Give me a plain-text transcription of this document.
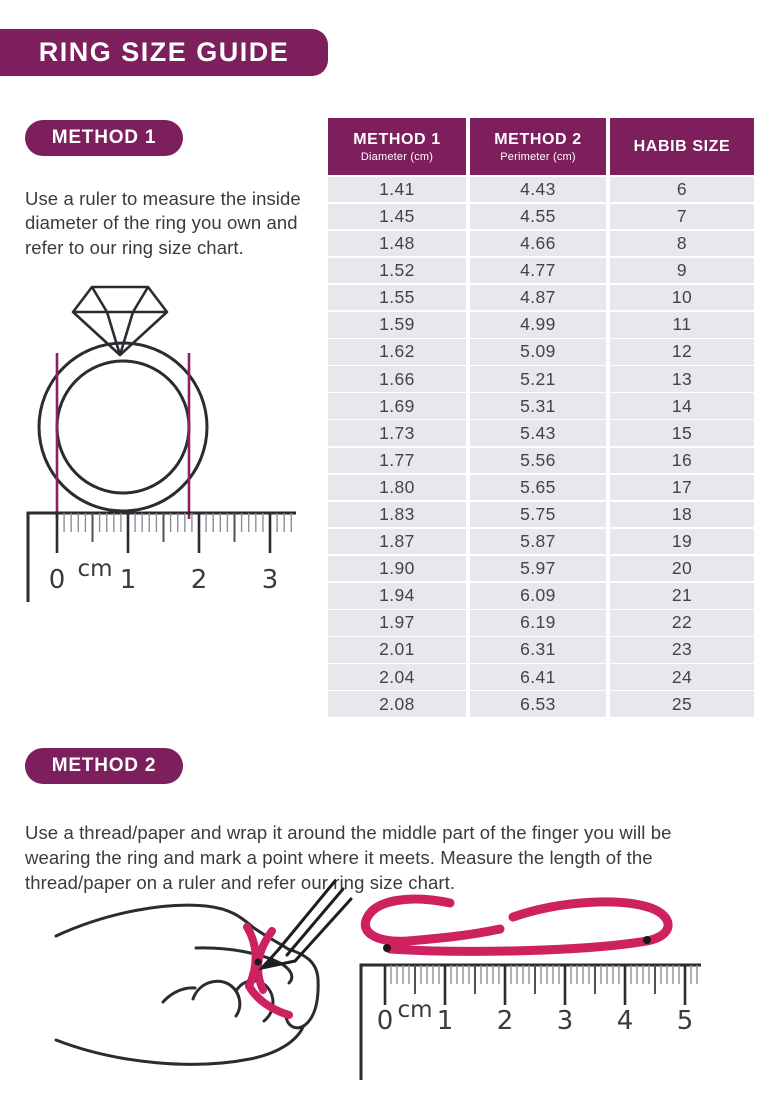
RING SIZE GUIDE
METHOD 1

Use a ruler to measure the inside diameter of the ring you own and refer to our ring size chart.

0 1 2 3
cm
METHOD 1
Diameter (cm)
METHOD 2
Perimeter (cm)
HABIB SIZE
1.41	4.43	6
1.45	4.55	7
1.48	4.66	8
1.52	4.77	9
1.55	4.87	10
1.59	4.99	11
1.62	5.09	12
1.66	5.21	13
1.69	5.31	14
1.73	5.43	15
1.77	5.56	16
1.80	5.65	17
1.83	5.75	18
1.87	5.87	19
1.90	5.97	20
1.94	6.09	21
1.97	6.19	22
2.01	6.31	23
2.04	6.41	24
2.08	6.53	25
METHOD 2

Use a thread/paper and wrap it around the middle part of the finger you will be wearing the ring and mark a point where it meets. Measure the length of the thread/paper on a ruler and refer our ring size chart.

0 1 2 3 4 5
cm
